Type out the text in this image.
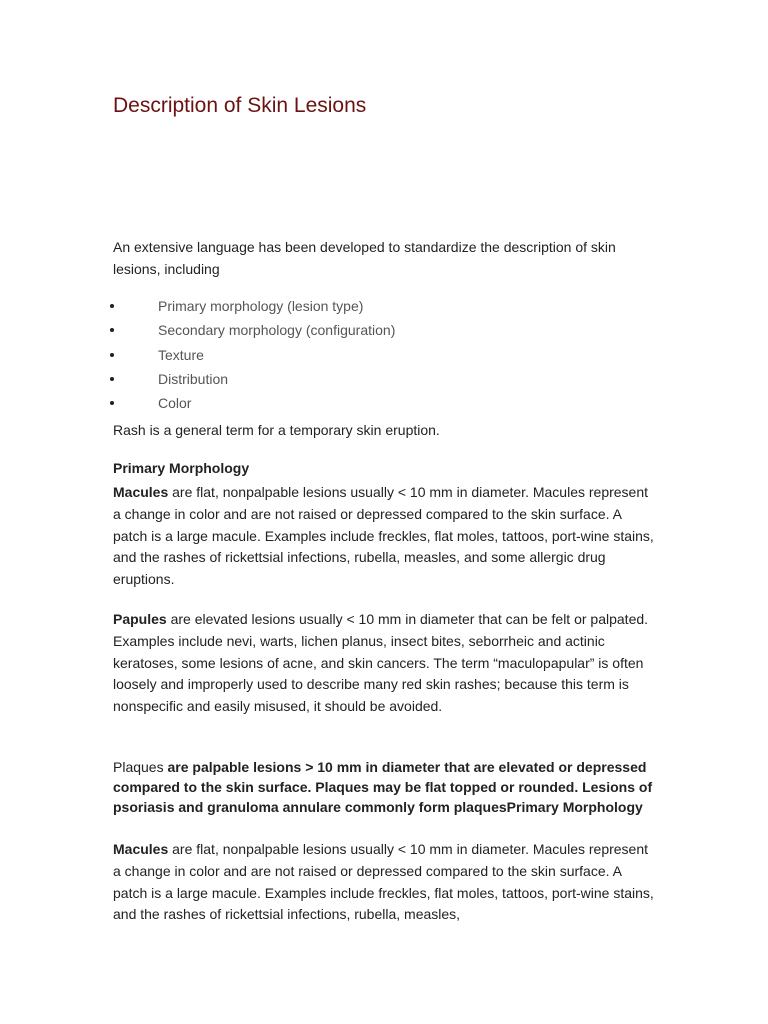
Description of Skin Lesions

An extensive language has been developed to standardize the description of skin lesions, including

Primary morphology (lesion type)
Secondary morphology (configuration)
Texture
Distribution
Color

Rash is a general term for a temporary skin eruption.

Primary Morphology

Macules are flat, nonpalpable lesions usually < 10 mm in diameter. Macules represent a change in color and are not raised or depressed compared to the skin surface. A patch is a large macule. Examples include freckles, flat moles, tattoos, port-wine stains, and the rashes of rickettsial infections, rubella, measles, and some allergic drug eruptions.

Papules are elevated lesions usually < 10 mm in diameter that can be felt or palpated. Examples include nevi, warts, lichen planus, insect bites, seborrheic and actinic keratoses, some lesions of acne, and skin cancers. The term “maculopapular” is often loosely and improperly used to describe many red skin rashes; because this term is nonspecific and easily misused, it should be avoided.

Plaques are palpable lesions > 10 mm in diameter that are elevated or depressed compared to the skin surface. Plaques may be flat topped or rounded. Lesions of psoriasis and granuloma annulare commonly form plaquesPrimary Morphology

Macules are flat, nonpalpable lesions usually < 10 mm in diameter. Macules represent a change in color and are not raised or depressed compared to the skin surface. A patch is a large macule. Examples include freckles, flat moles, tattoos, port-wine stains, and the rashes of rickettsial infections, rubella, measles,
